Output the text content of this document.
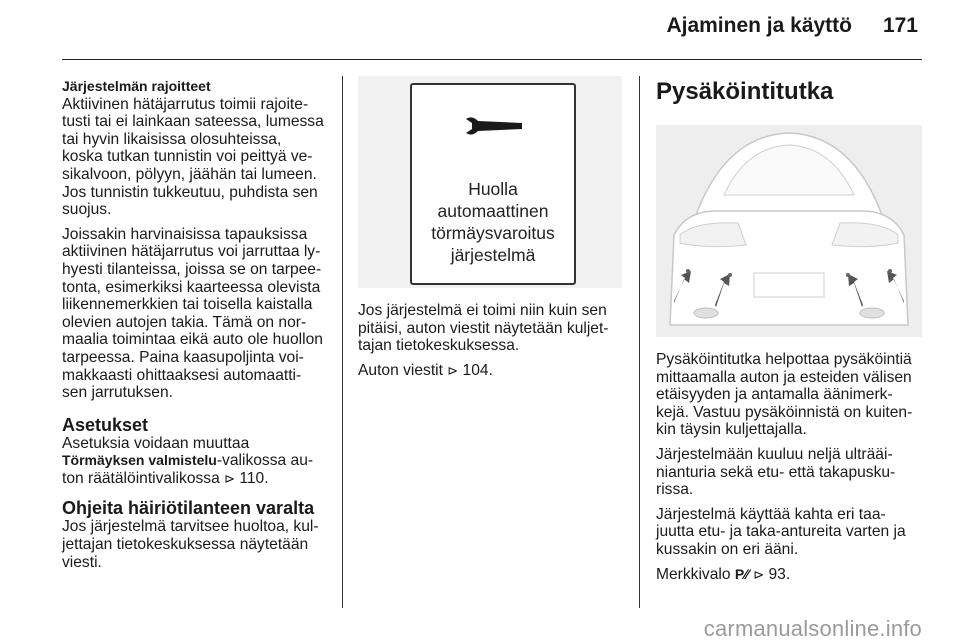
Ajaminen ja käyttö 171
Järjestelmän rajoitteet

Aktiivinen hätäjarrutus toimii rajoite-tusti tai ei lainkaan sateessa, lumessa tai hyvin likaisissa olosuhteissa, koska tutkan tunnistin voi peittyä ve-sikalvoon, pölyyn, jäähän tai lumeen. Jos tunnistin tukkeutuu, puhdista sen suojus.

Joissakin harvinaisissa tapauksissa aktiivinen hätäjarrutus voi jarruttaa ly-hyesti tilanteissa, joissa se on tarpee-tonta, esimerkiksi kaarteessa olevista liikennemerkkien tai toisella kaistalla olevien autojen takia. Tämä on nor-maalia toimintaa eikä auto ole huollon tarpeessa. Paina kaasupoljinta voi-makkaasti ohittaaksesi automaatti-sen jarrutuksen.

Asetukset

Asetuksia voidaan muuttaa
Törmäyksen valmistelu-valikossa au-ton räätälöintivalikossa ⊳ 110.

Ohjeita häiriötilanteen varalta

Jos järjestelmä tarvitsee huoltoa, kul-jettajan tietokeskuksessa näytetään viesti.

Huolla
automaattinen
törmäysvaroitus
järjestelmä

Jos järjestelmä ei toimi niin kuin sen pitäisi, auton viestit näytetään kuljet-tajan tietokeskuksessa.

Auton viestit ⊳ 104.

Pysäköintitutka

Pysäköintitutka helpottaa pysäköintiä mittaamalla auton ja esteiden välisen etäisyyden ja antamalla äänimerk-kejä. Vastuu pysäköinnistä on kuiten-kin täysin kuljettajalla.

Järjestelmään kuuluu neljä ulträäi-nianturia sekä etu- että takapusku-rissa.

Järjestelmä käyttää kahta eri taa-juutta etu- ja taka-antureita varten ja kussakin on eri ääni.

Merkkivalo P⁄⁄ ⊳ 93.

carmanualsonline.info
